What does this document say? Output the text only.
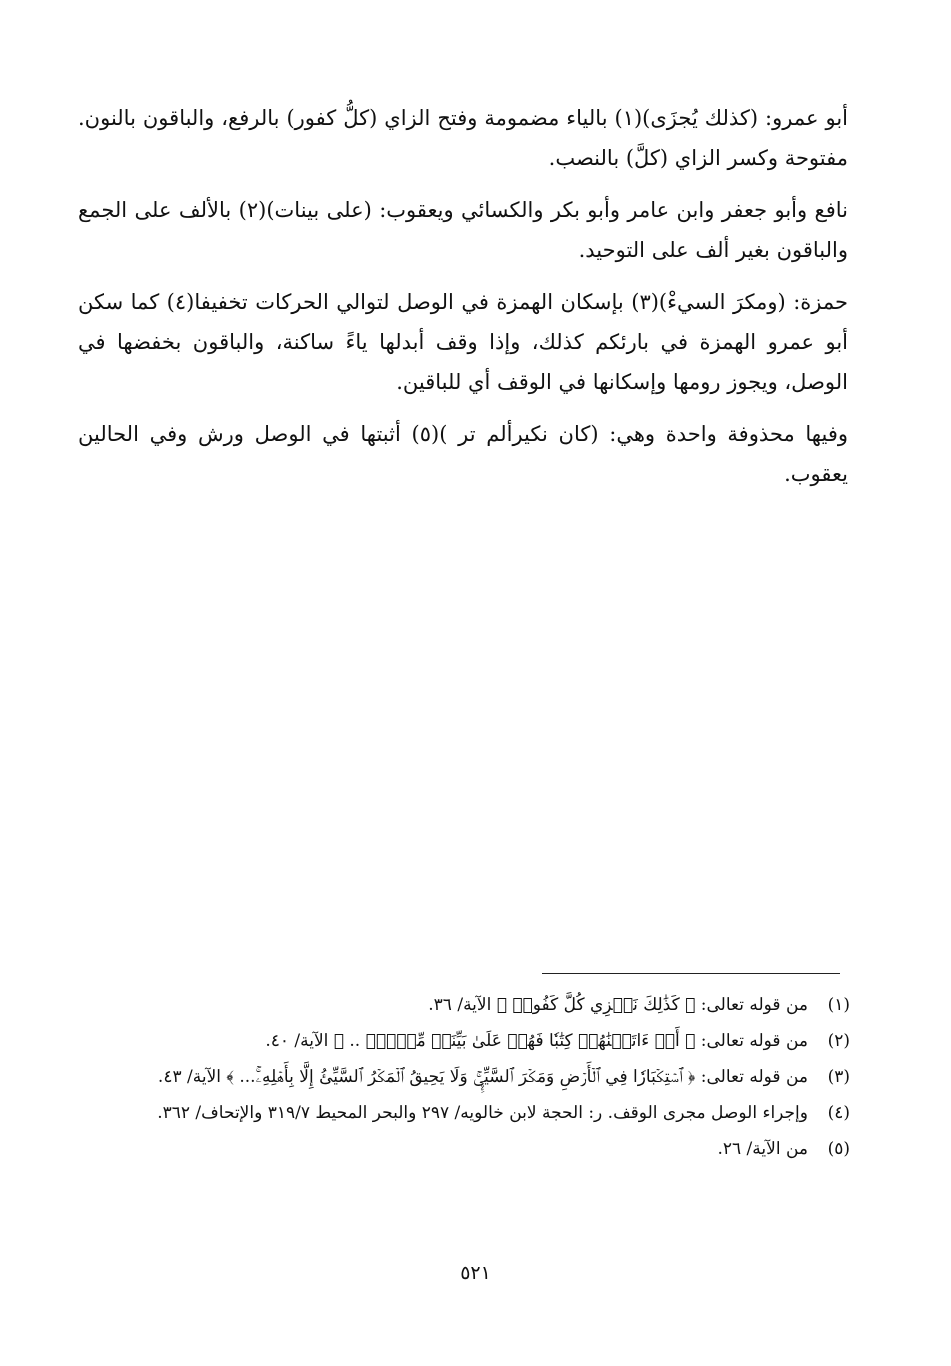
أبو عمرو: (كذلك يُجزَى)(١) بالياء مضمومة وفتح الزاي (كلُّ كفور) بالرفع، والباقون بالنون. مفتوحة وكسر الزاي (كلَّ) بالنصب.

نافع وأبو جعفر وابن عامر وأبو بكر والكسائي ويعقوب: (على بينات)(٢) بالألف على الجمع والباقون بغير ألف على التوحيد.

حمزة: (ومكرَ السيءْ)(٣) بإسكان الهمزة في الوصل لتوالي الحركات تخفيفا(٤) كما سكن أبو عمرو الهمزة في بارئكم كذلك، وإذا وقف أبدلها ياءً ساكنة، والباقون بخفضها في الوصل، ويجوز رومها وإسكانها في الوقف أي للباقين.

وفيها محذوفة واحدة وهي: (كان نكيرألم تر )(٥) أثبتها في الوصل ورش وفي الحالين يعقوب.

(١)
من قوله تعالى: ﴿ كَذَٰلِكَ نَجۡزِي كُلَّ كَفُورٖ ﴾ الآية/ ٣٦.
(٢)
من قوله تعالى: ﴿ أَمۡ ءَاتَيۡنَٰهُمۡ كِتَٰبٗا فَهُمۡ عَلَىٰ بَيِّنَتٖ مِّنۡهُۚ .. ﴾ الآية/ ٤٠.
(٣)
من قوله تعالى: ﴿ ٱسۡتِكۡبَارٗا فِي ٱلۡأَرۡضِ وَمَكۡرَ ٱلسَّيِّيِٕۚ وَلَا يَحِيقُ ٱلۡمَكۡرُ ٱلسَّيِّئُ إِلَّا بِأَهۡلِهِۦۚ... ﴾ الآية/ ٤٣.
(٤)
وإجراء الوصل مجرى الوقف. ر: الحجة لابن خالويه/ ٢٩٧ والبحر المحيط ٣١٩/٧ والإتحاف/ ٣٦٢.
(٥)
من الآية/ ٢٦.
٥٢١
